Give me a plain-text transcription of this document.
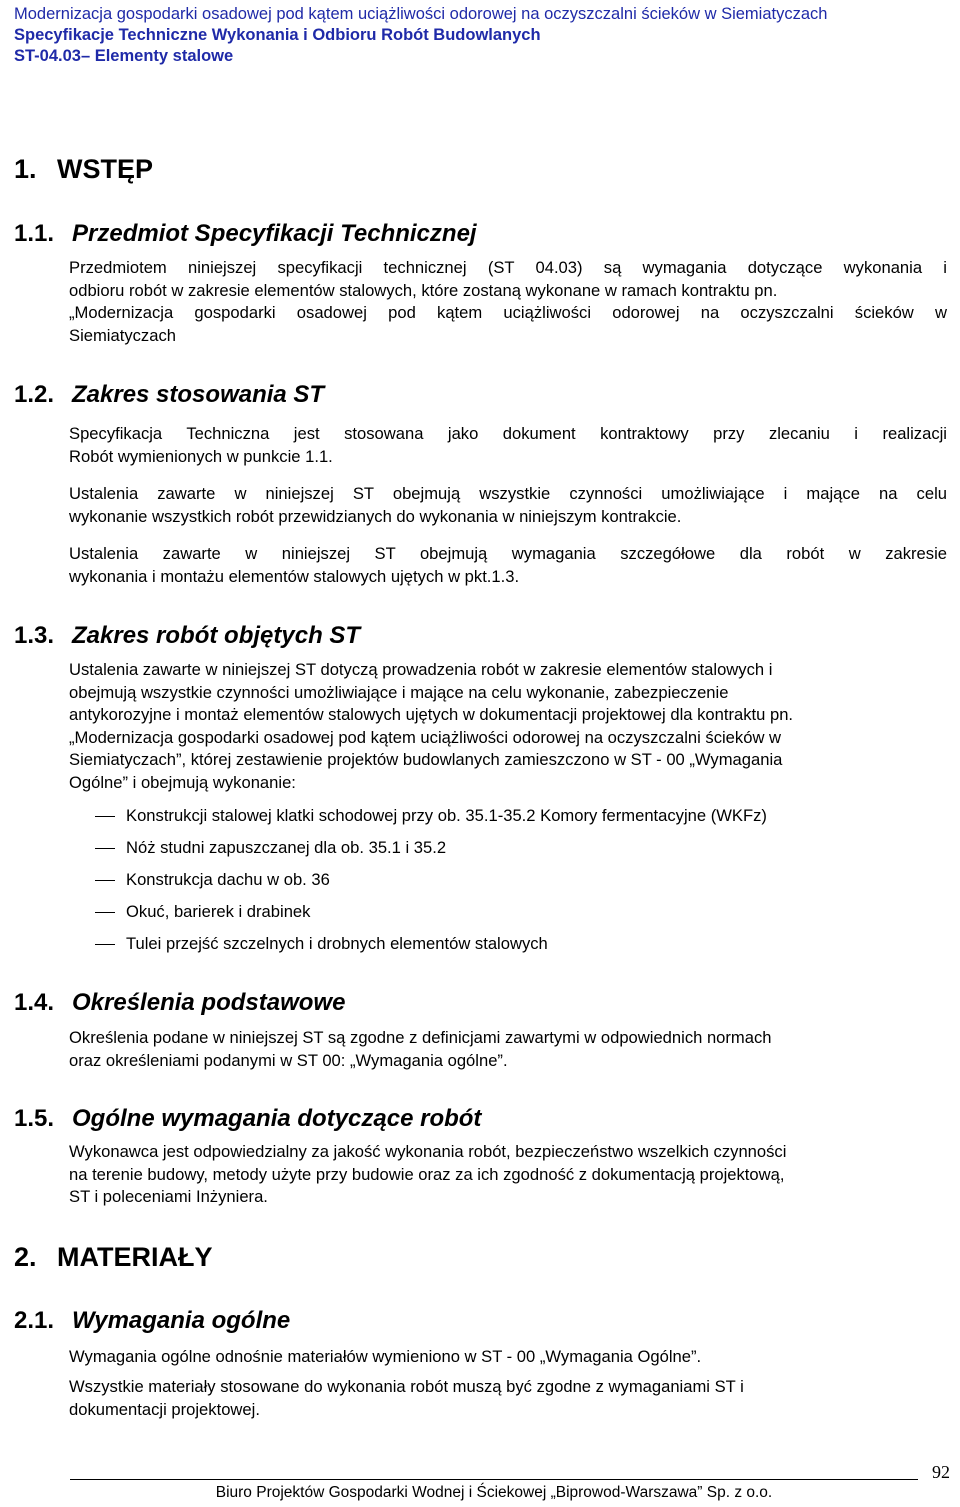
Modernizacja gospodarki osadowej pod kątem uciążliwości odorowej na oczyszczalni ścieków w Siemiatyczach
Specyfikacje Techniczne Wykonania i Odbioru Robót Budowlanych
ST-04.03– Elementy stalowe
1. WSTĘP
1.1. Przedmiot Specyfikacji Technicznej
Przedmiotem niniejszej specyfikacji technicznej (ST 04.03) są wymagania dotyczące wykonania i
odbioru robót w zakresie elementów stalowych, które zostaną wykonane w ramach kontraktu pn.
„Modernizacja gospodarki osadowej pod kątem uciążliwości odorowej na oczyszczalni ścieków w
Siemiatyczach
1.2. Zakres stosowania ST
Specyfikacja Techniczna jest stosowana jako dokument kontraktowy przy zlecaniu i realizacji
Robót wymienionych w punkcie 1.1.
Ustalenia zawarte w niniejszej ST obejmują wszystkie czynności umożliwiające i mające na celu
wykonanie wszystkich robót przewidzianych do wykonania w niniejszym kontrakcie.
Ustalenia zawarte w niniejszej ST obejmują wymagania szczegółowe dla robót w zakresie
wykonania i montażu elementów stalowych ujętych w pkt.1.3.
1.3. Zakres robót objętych ST
Ustalenia zawarte w niniejszej ST dotyczą prowadzenia robót w zakresie elementów stalowych i
obejmują wszystkie czynności umożliwiające i mające na celu wykonanie, zabezpieczenie
antykorozyjne i montaż elementów stalowych ujętych w dokumentacji projektowej dla kontraktu pn.
„Modernizacja gospodarki osadowej pod kątem uciążliwości odorowej na oczyszczalni ścieków w
Siemiatyczach”, której zestawienie projektów budowlanych zamieszczono w ST - 00 „Wymagania
Ogólne” i obejmują wykonanie:
Konstrukcji stalowej klatki schodowej przy ob. 35.1-35.2 Komory fermentacyjne (WKFz)
Nóż studni zapuszczanej dla ob. 35.1 i 35.2
Konstrukcja dachu w ob. 36
Okuć, barierek i drabinek
Tulei przejść szczelnych i drobnych elementów stalowych
1.4. Określenia podstawowe
Określenia podane w niniejszej ST są zgodne z definicjami zawartymi w odpowiednich normach
oraz określeniami podanymi w ST 00: „Wymagania ogólne”.
1.5. Ogólne wymagania dotyczące robót
Wykonawca jest odpowiedzialny za jakość wykonania robót, bezpieczeństwo wszelkich czynności
na terenie budowy, metody użyte przy budowie oraz za ich zgodność z dokumentacją projektową,
ST i poleceniami Inżyniera.
2. MATERIAŁY
2.1. Wymagania ogólne
Wymagania ogólne odnośnie materiałów wymieniono w ST - 00 „Wymagania Ogólne”.
Wszystkie materiały stosowane do wykonania robót muszą być zgodne z wymaganiami ST i
dokumentacji projektowej.
92
Biuro Projektów Gospodarki Wodnej i Ściekowej „Biprowod-Warszawa” Sp. z o.o.
